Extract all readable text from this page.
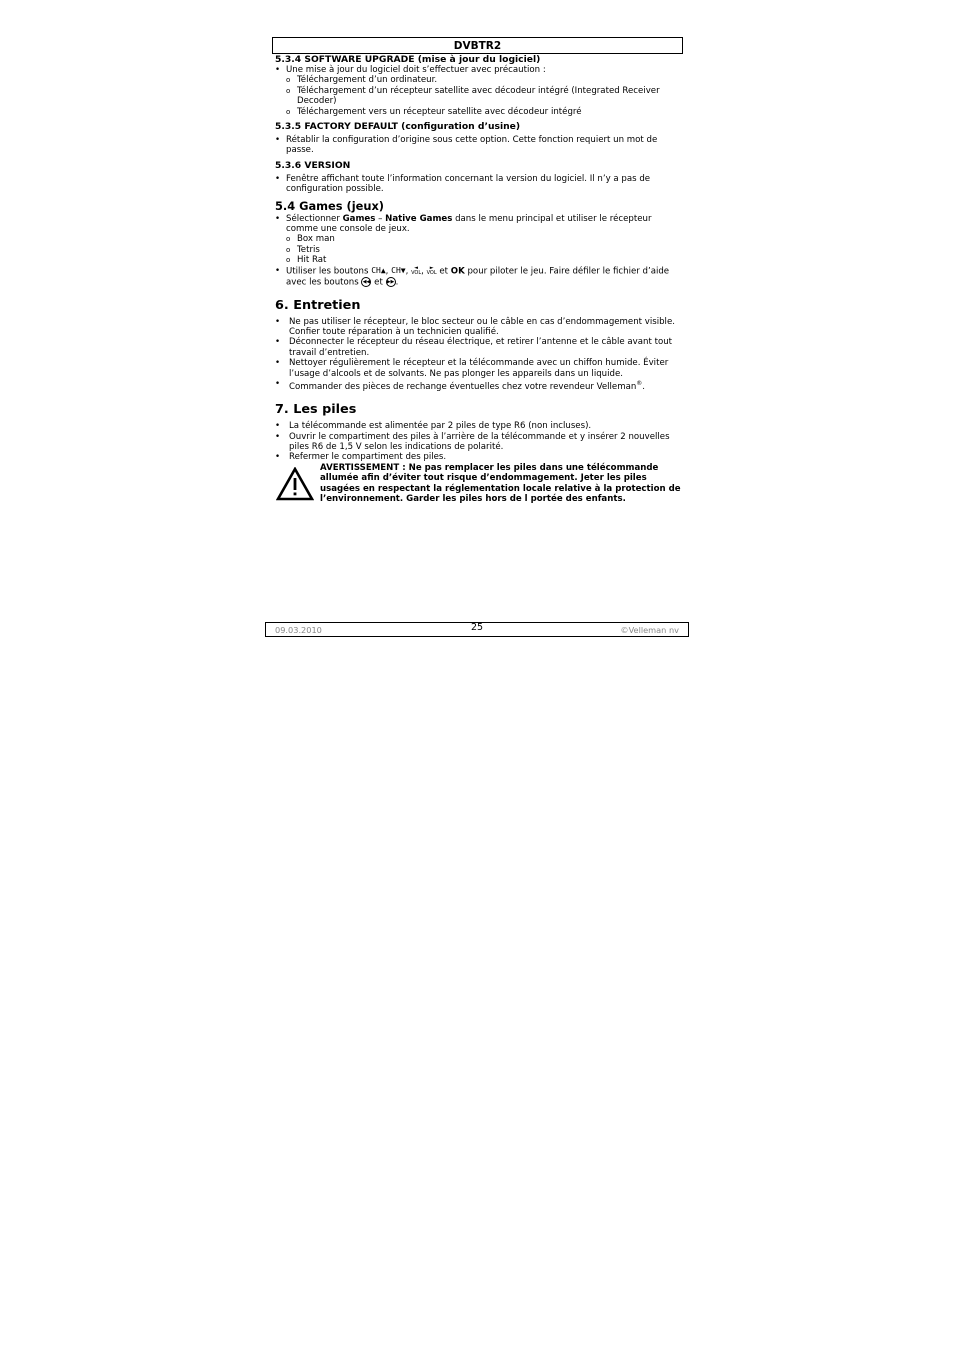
DVBTR2

5.3.4 SOFTWARE UPGRADE (mise à jour du logiciel)

• Une mise à jour du logiciel doit s’effectuer avec précaution :
o Téléchargement d’un ordinateur.
o Téléchargement d’un récepteur satellite avec décodeur intégré (Integrated Receiver Decoder)
o Téléchargement vers un récepteur satellite avec décodeur intégré

5.3.5 FACTORY DEFAULT (configuration d’usine)

• Rétablir la configuration d’origine sous cette option. Cette fonction requiert un mot de passe.

5.3.6 VERSION

• Fenêtre affichant toute l’information concernant la version du logiciel. Il n’y a pas de configuration possible.

5.4 Games (jeux)

• Sélectionner Games – Native Games dans le menu principal et utiliser le récepteur comme une console de jeux.
o Box man
o Tetris
o Hit Rat
• Utiliser les boutons CH▲, CH▼, ◄
VOL, ►
VOL et OK pour piloter le jeu. Faire défiler le fichier d’aide avec les boutons ◀◀ et ▶▶.

6. Entretien

• Ne pas utiliser le récepteur, le bloc secteur ou le câble en cas d’endommagement visible. Confier toute réparation à un technicien qualifié.
• Déconnecter le récepteur du réseau électrique, et retirer l’antenne et le câble avant tout travail d’entretien.
• Nettoyer régulièrement le récepteur et la télécommande avec un chiffon humide. Éviter l’usage d’alcools et de solvants. Ne pas plonger les appareils dans un liquide.
• Commander des pièces de rechange éventuelles chez votre revendeur Velleman®.

7. Les piles

• La télécommande est alimentée par 2 piles de type R6 (non incluses).
• Ouvrir le compartiment des piles à l’arrière de la télécommande et y insérer 2 nouvelles piles R6 de 1,5 V selon les indications de polarité.
• Refermer le compartiment des piles.
AVERTISSEMENT : Ne pas remplacer les piles dans une télécommande allumée afin d’éviter tout risque d’endommagement. Jeter les piles usagées en respectant la réglementation locale relative à la protection de l’environnement. Garder les piles hors de l portée des enfants.
09.03.2010	25	©Velleman nv
